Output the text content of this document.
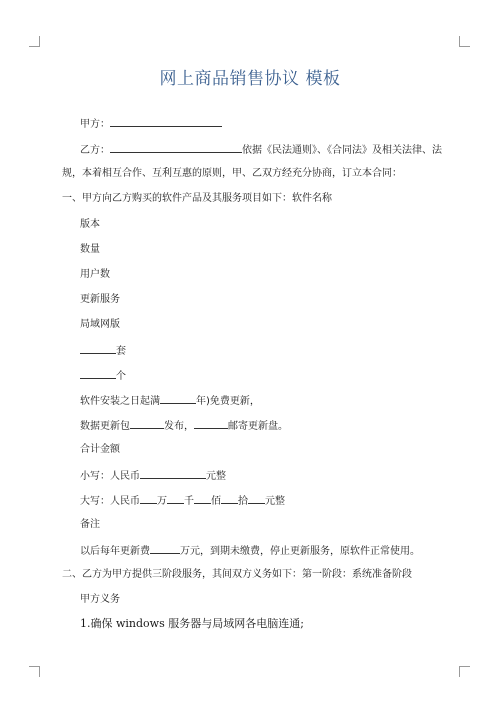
网上商品销售协议 模板
甲方：
乙方：	依据《民法通则》、《合同法》及相关法律、法
规，本着相互合作、互利互惠的原则，甲、乙双方经充分协商，订立本合同：
一、甲方向乙方购买的软件产品及其服务项目如下：软件名称
版本
数量
用户数
更新服务
局域网版
套
个
软件安装之日起满	年)免费更新，
数据更新包	发布，	邮寄更新盘。
合计金额
小写：人民币	元整
大写：人民币 万 千 佰 拾 元整
备注
以后每年更新费	万元，到期未缴费，停止更新服务，原软件正常使用。
二、乙方为甲方提供三阶段服务，其间双方义务如下：第一阶段：系统准备阶段
甲方义务
1.确保 windows 服务器与局域网各电脑连通;
